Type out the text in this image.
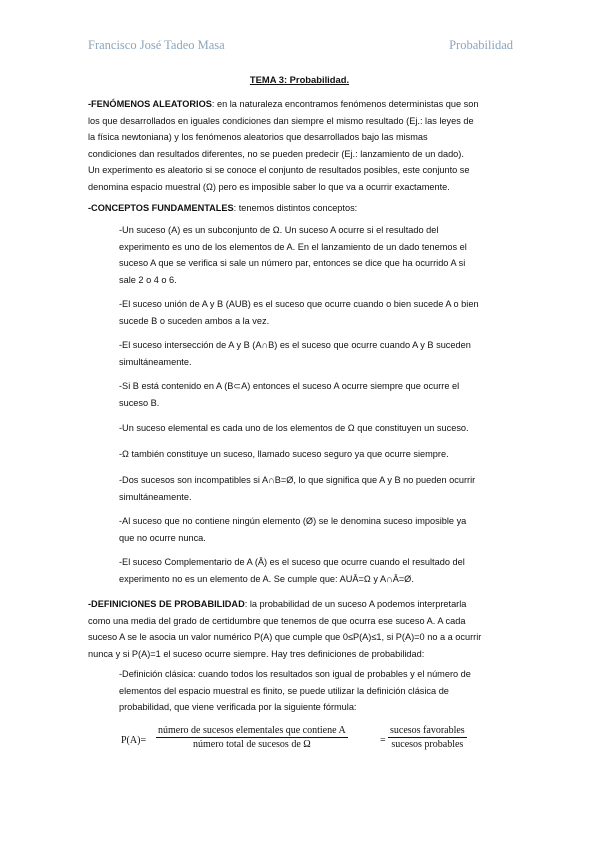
Francisco José Tadeo Masa	Probabilidad
TEMA 3: Probabilidad.
-FENÓMENOS ALEATORIOS: en la naturaleza encontramos fenómenos deterministas que son
los que desarrollados en iguales condiciones dan siempre el mismo resultado (Ej.: las leyes de
la física newtoniana) y los fenómenos aleatorios que desarrollados bajo las mismas
condiciones dan resultados diferentes, no se pueden predecir (Ej.: lanzamiento de un dado).
Un experimento es aleatorio si se conoce el conjunto de resultados posibles, este conjunto se
denomina espacio muestral (Ω) pero es imposible saber lo que va a ocurrir exactamente.
-CONCEPTOS FUNDAMENTALES: tenemos distintos conceptos:
-Un suceso (A) es un subconjunto de Ω. Un suceso A ocurre si el resultado del
experimento es uno de los elementos de A. En el lanzamiento de un dado tenemos el
suceso A que se verifica si sale un número par, entonces se dice que ha ocurrido A si
sale 2 o 4 o 6.
-El suceso unión de A y B (AUB) es el suceso que ocurre cuando o bien sucede A o bien
sucede B o suceden ambos a la vez.
-El suceso intersección de A y B (A∩B) es el suceso que ocurre cuando A y B suceden
simultáneamente.
-Si B está contenido en A (B⊂A) entonces el suceso A ocurre siempre que ocurre el
suceso B.
-Un suceso elemental es cada uno de los elementos de Ω que constituyen un suceso.
-Ω también constituye un suceso, llamado suceso seguro ya que ocurre siempre.
-Dos sucesos son incompatibles si A∩B=Ø, lo que significa que A y B no pueden ocurrir
simultáneamente.
-Al suceso que no contiene ningún elemento (Ø) se le denomina suceso imposible ya
que no ocurre nunca.
-El suceso Complementario de A (Ā) es el suceso que ocurre cuando el resultado del
experimento no es un elemento de A. Se cumple que: AUĀ=Ω y A∩Ā=Ø.
-DEFINICIONES DE PROBABILIDAD: la probabilidad de un suceso A podemos interpretarla
como una media del grado de certidumbre que tenemos de que ocurra ese suceso A. A cada
suceso A se le asocia un valor numérico P(A) que cumple que 0≤P(A)≤1, si P(A)=0 no a a ocurrir
nunca y si P(A)=1 el suceso ocurre siempre. Hay tres definiciones de probabilidad:
-Definición clásica: cuando todos los resultados son igual de probables y el número de
elementos del espacio muestral es finito, se puede utilizar la definición clásica de
probabilidad, que viene verificada por la siguiente fórmula:
P(A)=
número de sucesos elementales que contiene A
número total de sucesos de Ω	=
sucesos favorables
sucesos probables
